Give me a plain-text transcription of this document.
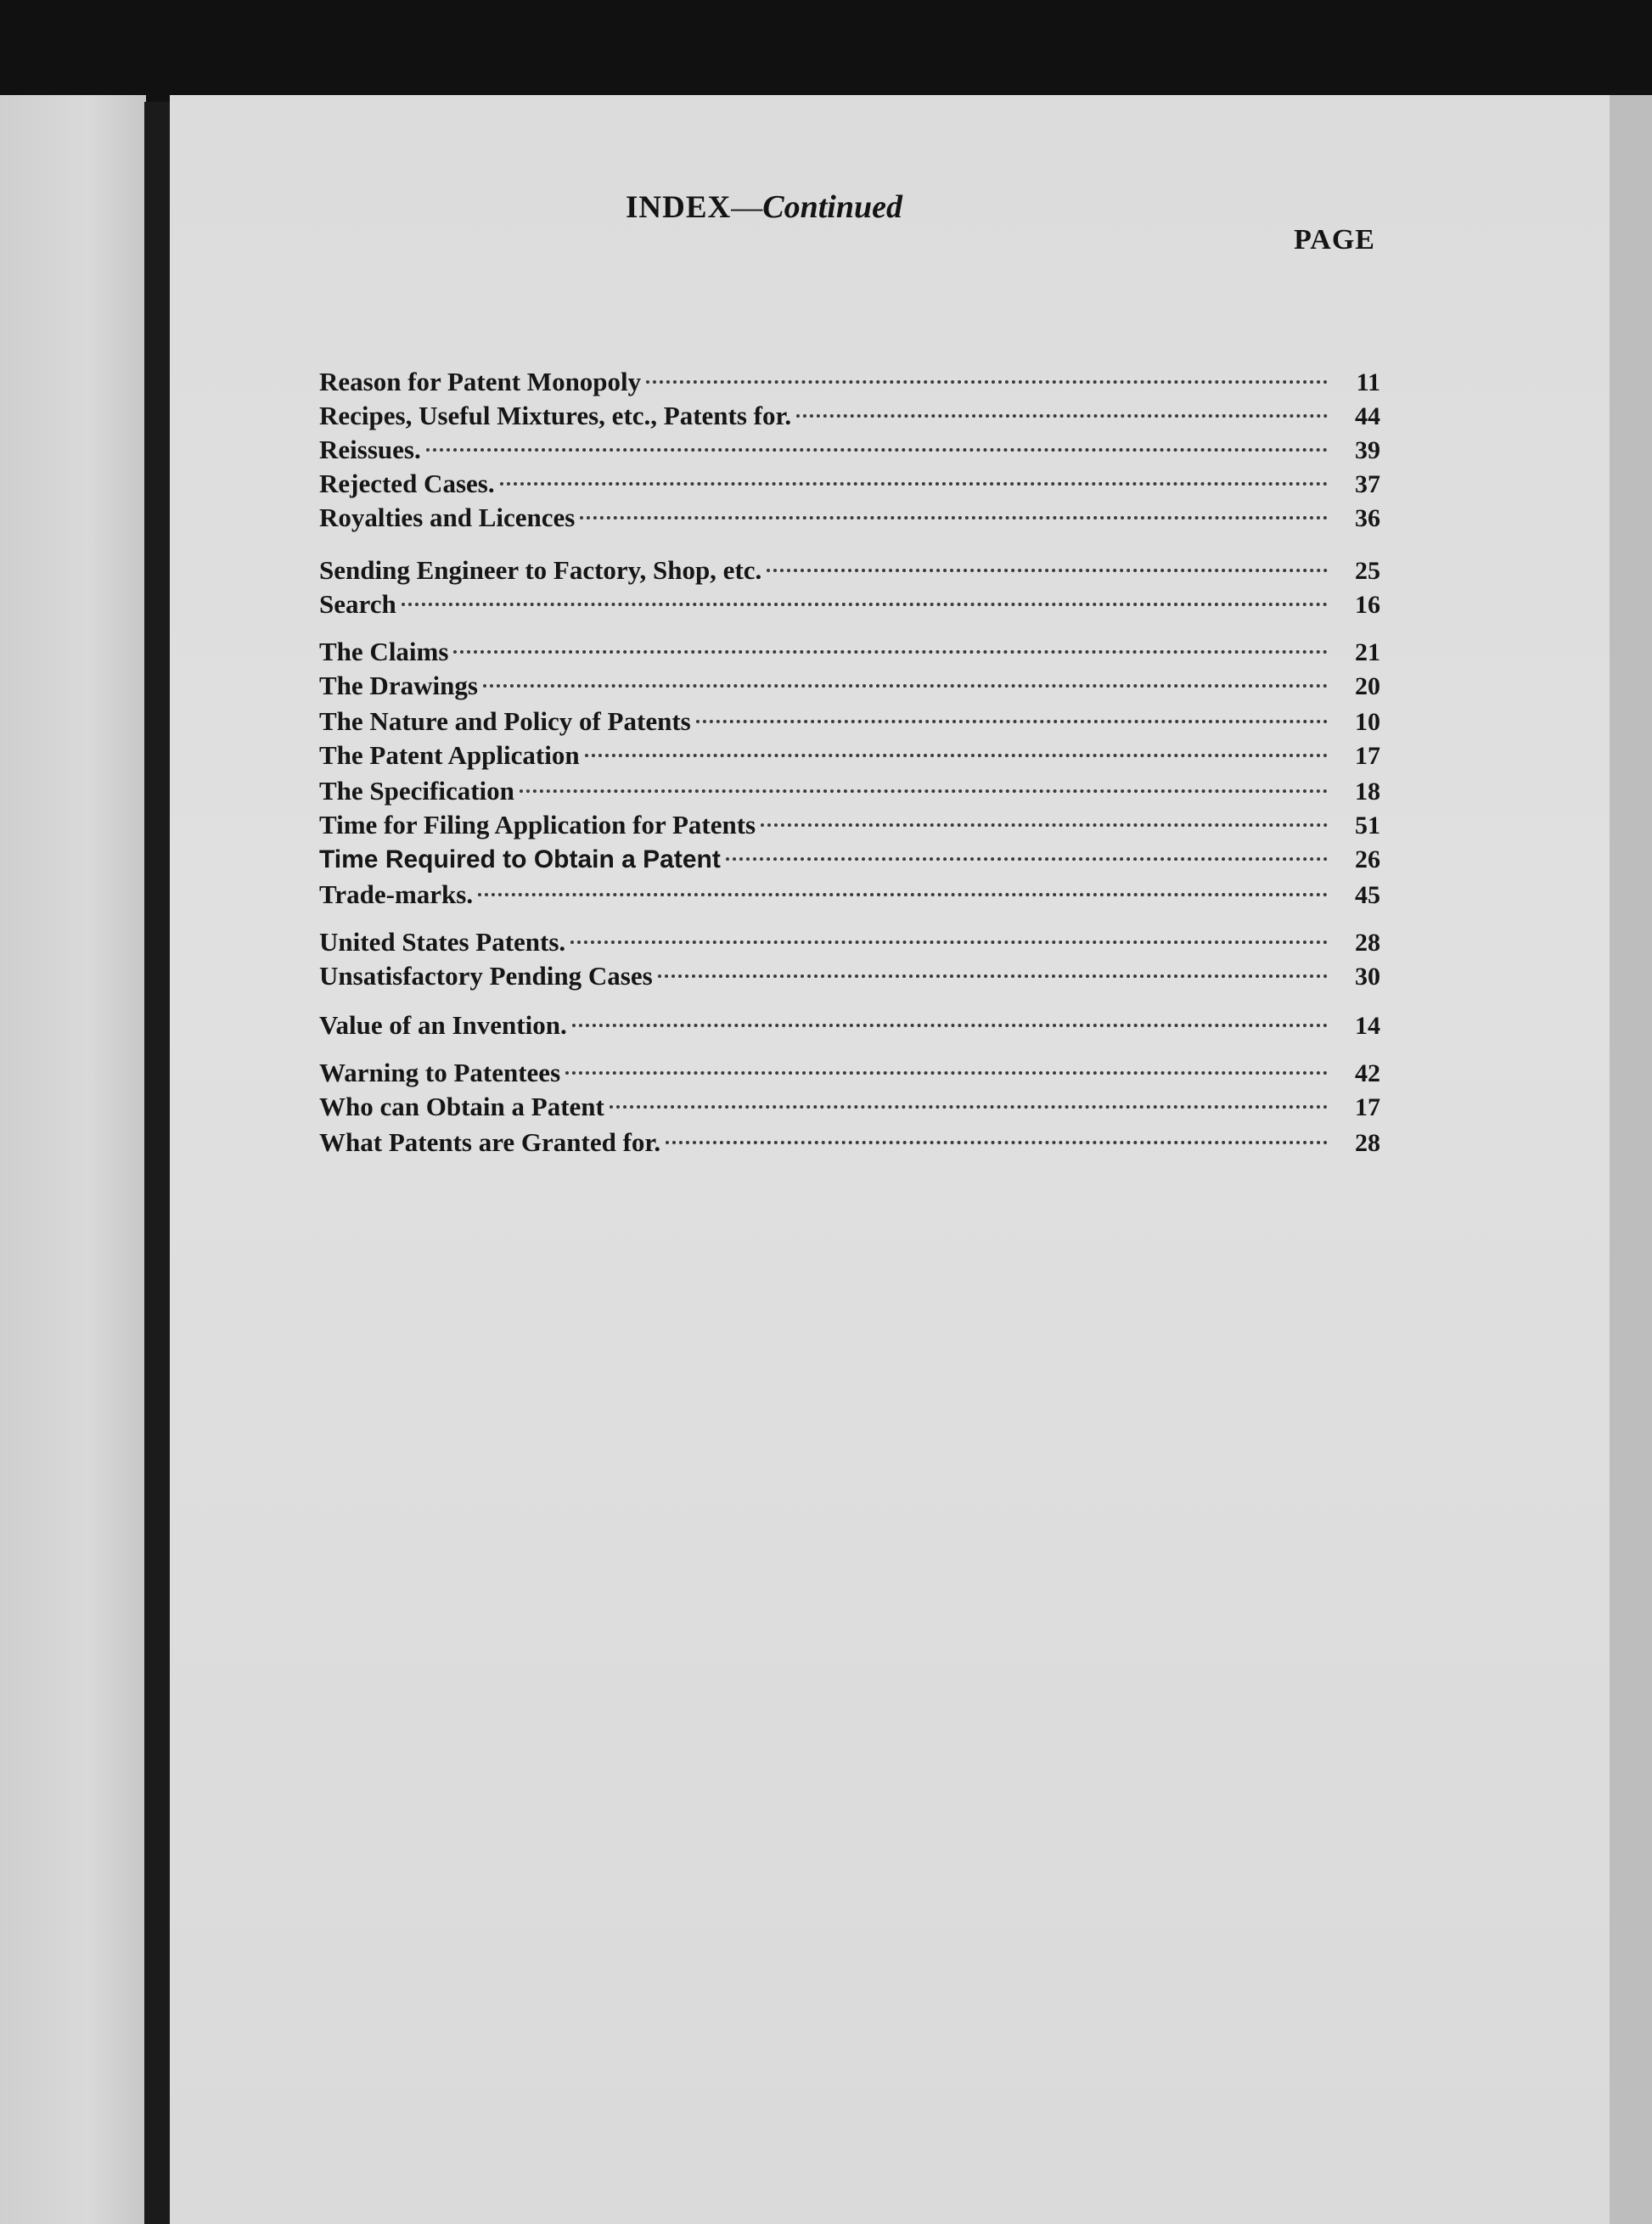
INDEX—Continued
PAGE
Reason for Patent Monopoly	11
Recipes, Useful Mixtures, etc., Patents for.	44
Reissues.	39
Rejected Cases.	37
Royalties and Licences	36
Sending Engineer to Factory, Shop, etc.	25
Search	16
The Claims	21
The Drawings	20
The Nature and Policy of Patents	10
The Patent Application	17
The Specification	18
Time for Filing Application for Patents	51
Time Required to Obtain a Patent	26
Trade-marks.	45
United States Patents.	28
Unsatisfactory Pending Cases	30
Value of an Invention.	14
Warning to Patentees	42
Who can Obtain a Patent	17
What Patents are Granted for.	28
